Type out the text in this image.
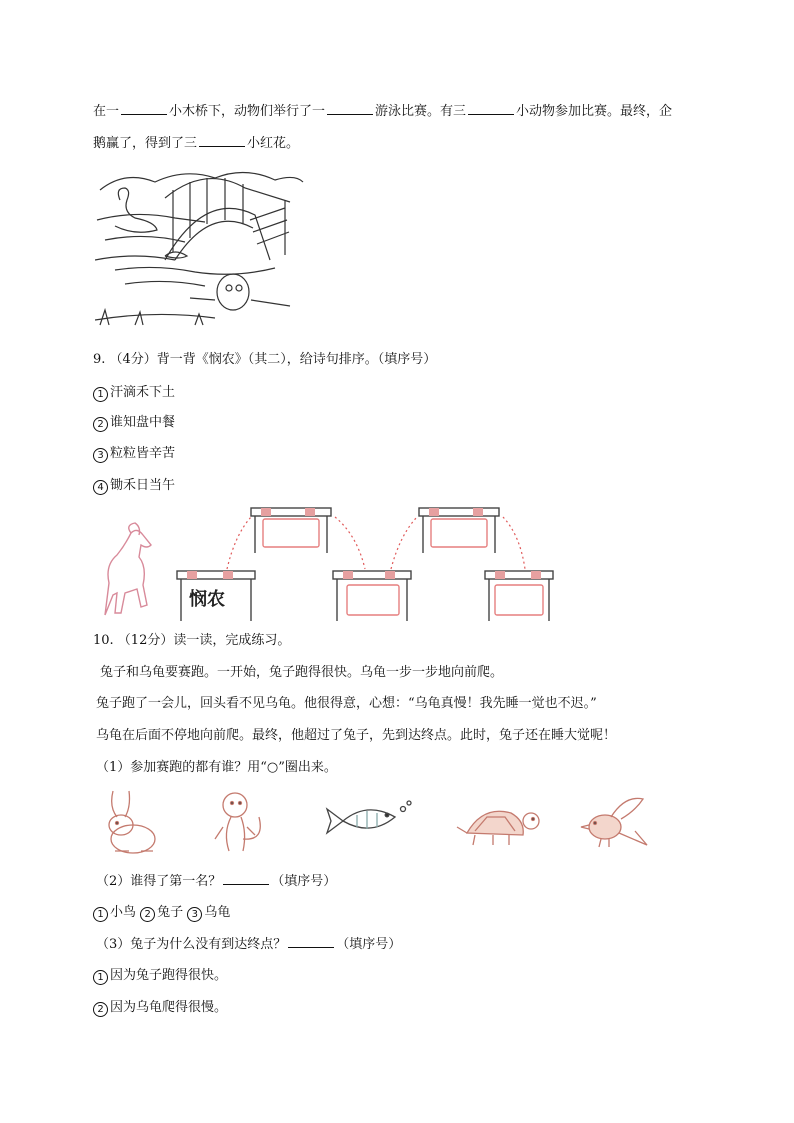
在一	小木桥下，动物们举行了一	游泳比赛。有三	小动物参加比赛。最终，企
鹅赢了，得到了三	小红花。
9. （4分）背一背《悯农》（其二），给诗句排序。（填序号）
1 汗滴禾下土
2 谁知盘中餐
3 粒粒皆辛苦
4 锄禾日当午
悯农
10. （12分）读一读，完成练习。
兔子和乌龟要赛跑。一开始，兔子跑得很快。乌龟一步一步地向前爬。
兔子跑了一会儿，回头看不见乌龟。他很得意，心想：“乌龟真慢！我先睡一觉也不迟。”
乌龟在后面不停地向前爬。最终，他超过了兔子，先到达终点。此时，兔子还在睡大觉呢！
（1）参加赛跑的都有谁？用“○”圈出来。
（2）谁得了第一名？	（填序号）
1 小鸟 2 兔子 3 乌龟
（3）兔子为什么没有到达终点？	（填序号）
1 因为兔子跑得很快。
2 因为乌龟爬得很慢。
